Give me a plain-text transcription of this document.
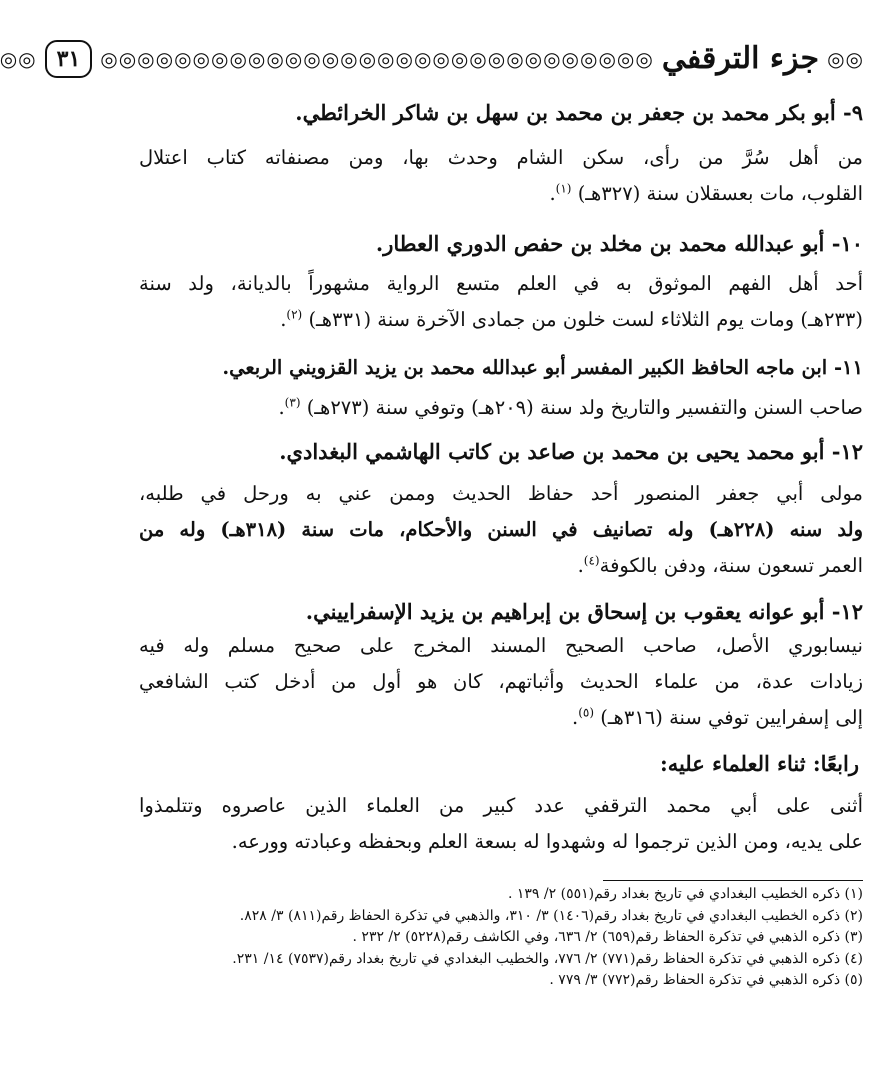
◎◎
جزء الترقفي
◎◎◎◎◎◎◎◎◎◎◎◎◎◎◎◎◎◎◎◎◎◎◎◎◎◎◎◎◎◎
٣١
◎◎
٩- أبو بكر محمد بن جعفر بن محمد بن سهل بن شاكر الخرائطي.
من أهل سُرَّ من رأى، سكن الشام وحدث بها، ومن مصنفاته كتاب اعتلال
القلوب، مات بعسقلان سنة (٣٢٧هـ) $^{(١)}$.
١٠- أبو عبدالله محمد بن مخلد بن حفص الدوري العطار.
أحد أهل الفهم الموثوق به في العلم متسع الرواية مشهوراً بالديانة، ولد سنة
(٢٣٣هـ) ومات يوم الثلاثاء لست خلون من جمادى الآخرة سنة (٣٣١هـ) $^{(٢)}$.
١١- ابن ماجه الحافظ الكبير المفسر أبو عبدالله محمد بن يزيد القزويني الربعي.
صاحب السنن والتفسير والتاريخ ولد سنة (٢٠٩هـ) وتوفي سنة (٢٧٣هـ) $^{(٣)}$.
١٢- أبو محمد يحيى بن محمد بن صاعد بن كاتب الهاشمي البغدادي.
مولى أبي جعفر المنصور أحد حفاظ الحديث وممن عني به ورحل في طلبه،
ولد سنه (٢٢٨هـ) وله تصانيف في السنن والأحكام، مات سنة (٣١٨هـ) وله من
العمر تسعون سنة، ودفن بالكوفة$^{(٤)}$.
١٢- أبو عوانه يعقوب بن إسحاق بن إبراهيم بن يزيد الإسفراييني.
نيسابوري الأصل، صاحب الصحيح المسند المخرج على صحيح مسلم وله فيه
زيادات عدة، من علماء الحديث وأثباتهم، كان هو أول من أدخل كتب الشافعي
إلى إسفرايين توفي سنة (٣١٦هـ) $^{(٥)}$.
رابعًا: ثناء العلماء عليه:
أثنى على أبي محمد الترقفي عدد كبير من العلماء الذين عاصروه وتتلمذوا
على يديه، ومن الذين ترجموا له وشهدوا له بسعة العلم وبحفظه وعبادته وورعه.
(١) ذكره الخطيب البغدادي في تاريخ بغداد رقم(٥٥١) ٢/ ١٣٩ .
(٢) ذكره الخطيب البغدادي في تاريخ بغداد رقم(١٤٠٦) ٣/ ٣١٠، والذهبي في تذكرة الحفاظ رقم(٨١١) ٣/ ٨٢٨.
(٣) ذكره الذهبي في تذكرة الحفاظ رقم(٦٥٩) ٢/ ٦٣٦، وفي الكاشف رقم(٥٢٢٨) ٢/ ٢٣٢ .
(٤) ذكره الذهبي في تذكرة الحفاظ رقم(٧٧١) ٢/ ٧٧٦، والخطيب البغدادي في تاريخ بغداد رقم(٧٥٣٧) ١٤/ ٢٣١.
(٥) ذكره الذهبي في تذكرة الحفاظ رقم(٧٧٢) ٣/ ٧٧٩ .
